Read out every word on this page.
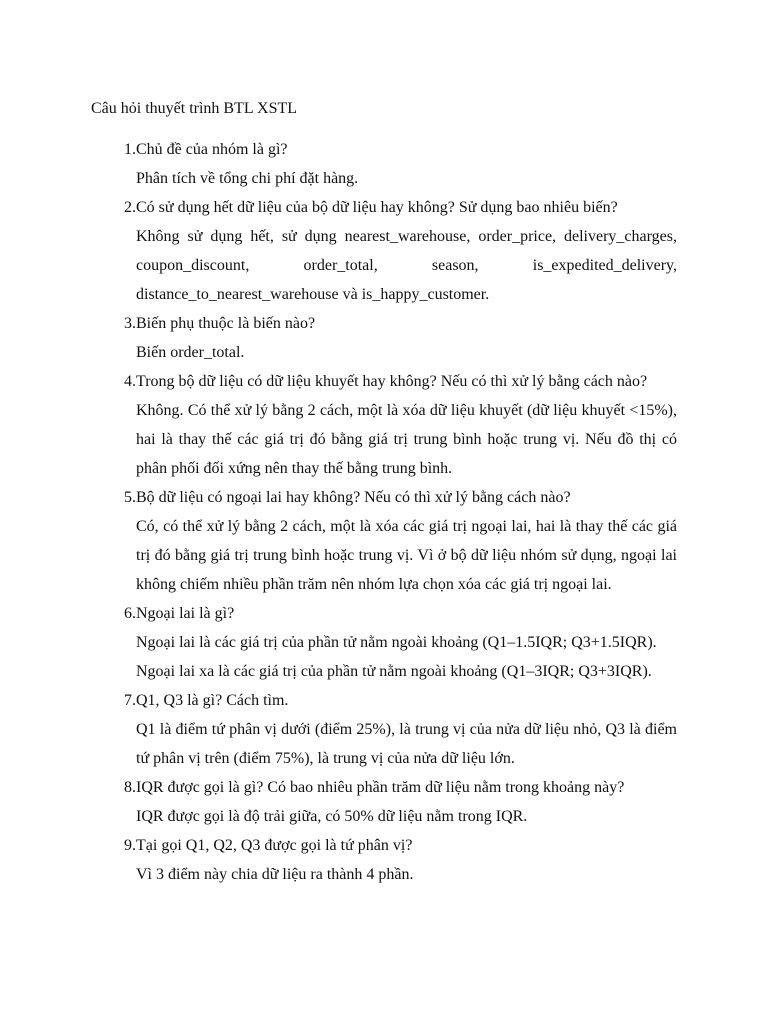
Câu hỏi thuyết trình BTL XSTL
1. Chủ đề của nhóm là gì?

Phân tích về tổng chi phí đặt hàng.

2. Có sử dụng hết dữ liệu của bộ dữ liệu hay không? Sử dụng bao nhiêu biến?

Không sử dụng hết, sử dụng nearest_warehouse, order_price, delivery_charges, coupon_discount, order_total, season, is_expedited_delivery, distance_to_nearest_warehouse và is_happy_customer.

3. Biến phụ thuộc là biến nào?

Biến order_total.

4. Trong bộ dữ liệu có dữ liệu khuyết hay không? Nếu có thì xử lý bằng cách nào?

Không. Có thể xử lý bằng 2 cách, một là xóa dữ liệu khuyết (dữ liệu khuyết <15%), hai là thay thế các giá trị đó bằng giá trị trung bình hoặc trung vị. Nếu đồ thị có phân phối đối xứng nên thay thế bằng trung bình.

5. Bộ dữ liệu có ngoại lai hay không? Nếu có thì xử lý bằng cách nào?

Có, có thể xử lý bằng 2 cách, một là xóa các giá trị ngoại lai, hai là thay thế các giá trị đó bằng giá trị trung bình hoặc trung vị. Vì ở bộ dữ liệu nhóm sử dụng, ngoại lai không chiếm nhiều phần trăm nên nhóm lựa chọn xóa các giá trị ngoại lai.

6. Ngoại lai là gì?

Ngoại lai là các giá trị của phần tử nằm ngoài khoảng (Q1–1.5IQR; Q3+1.5IQR).

Ngoại lai xa là các giá trị của phần tử nằm ngoài khoảng (Q1–3IQR; Q3+3IQR).

7. Q1, Q3 là gì? Cách tìm.

Q1 là điểm tứ phân vị dưới (điểm 25%), là trung vị của nửa dữ liệu nhỏ, Q3 là điểm tứ phân vị trên (điểm 75%), là trung vị của nửa dữ liệu lớn.

8. IQR được gọi là gì? Có bao nhiêu phần trăm dữ liệu nằm trong khoảng này?

IQR được gọi là độ trải giữa, có 50% dữ liệu nằm trong IQR.

9. Tại gọi Q1, Q2, Q3 được gọi là tứ phân vị?

Vì 3 điểm này chia dữ liệu ra thành 4 phần.
